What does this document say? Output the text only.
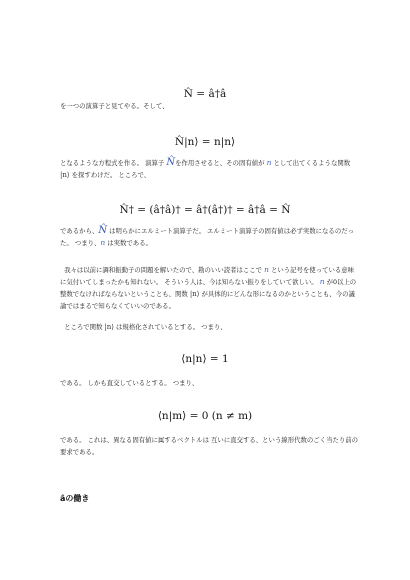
N̂ = â†â
を一つの演算子と見てやる。そして、
N̂|n⟩ = n|n⟩
となるような方程式を作る。 演算子 N̂を作用させると、その固有値が n として出てくるような関数
|n⟩ を探すわけだ。 ところで、
N̂† = (â†â)† = â†(â†)† = â†â = N̂
であるから、N̂ は明らかにエルミート演算子だ。 エルミート演算子の固有値は必ず実数になるのだった。 つまり、n は実数である。
我々は以前に調和振動子の問題を解いたので、勘のいい読者はここで n という記号を使っている意味に気付いてしまったかも知れない。 そういう人は、今は知らない振りをしていて欲しい。 n が0以上の整数でなければならないということも、関数 |n⟩ が具体的にどんな形になるのかということも、今の議論ではまるで知らなくていいのである。
ところで関数 |n⟩ は規格化されているとする。 つまり、
⟨n|n⟩ = 1
である。 しかも直交しているとする。 つまり、
⟨n|m⟩ = 0 (n ≠ m)
である。 これは、異なる固有値に属するベクトルは 互いに直交する、という線形代数のごく当たり前の要求である。
âの働き
